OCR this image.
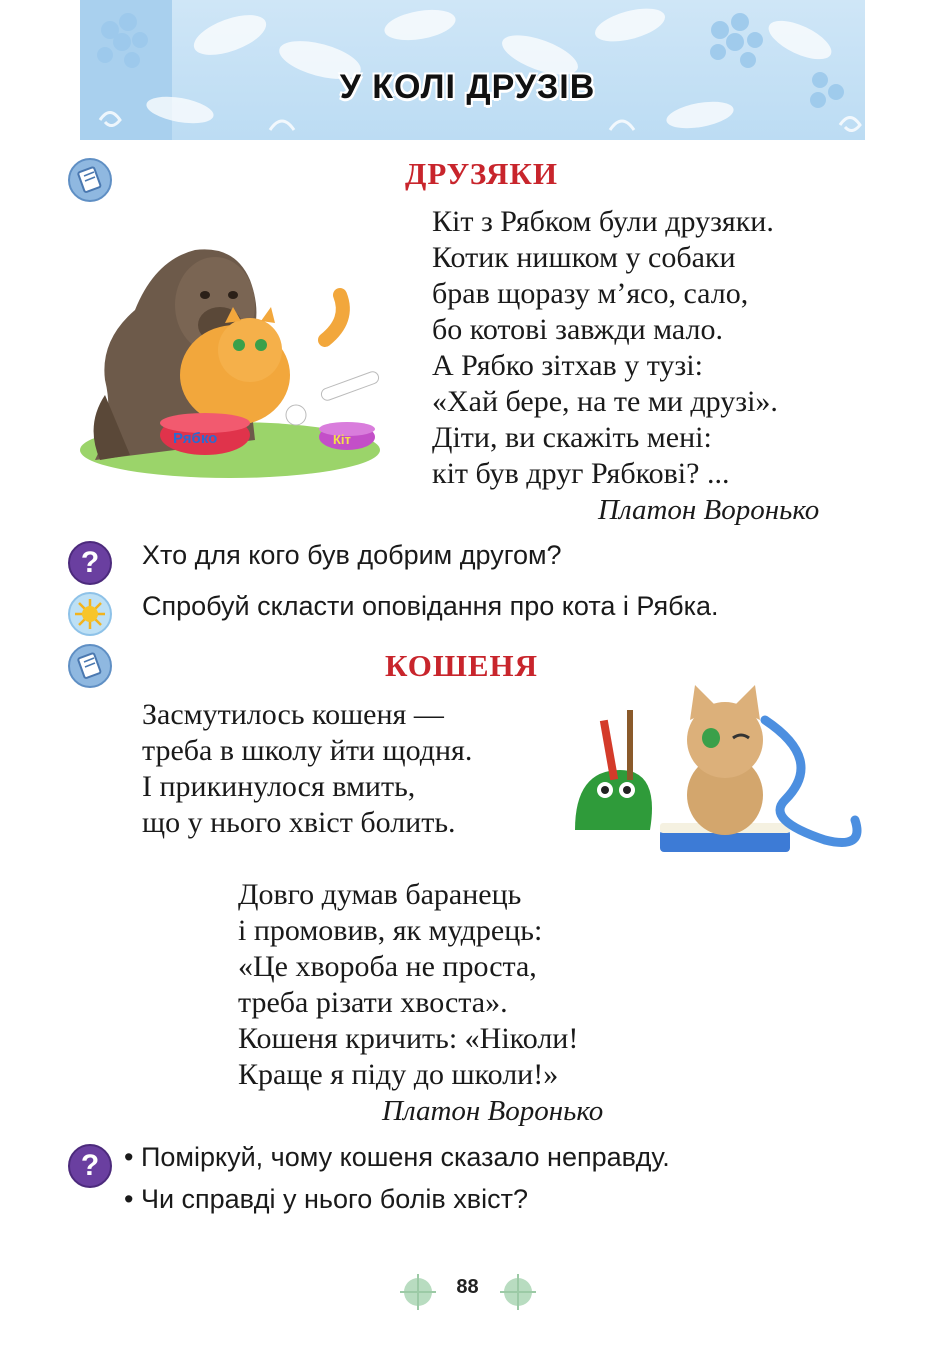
У КОЛІ ДРУЗІВ
ДРУЗЯКИ
Рябко	Кіт
Кіт з Рябком були друзяки.
Котик нишком у собаки
брав щоразу м’ясо, сало,
бо котові завжди мало.
А Рябко зітхав у тузі:
«Хай бере, на те ми друзі».
Діти, ви скажіть мені:
кіт був друг Рябкові? ...
Платон Воронько
?	Хто для кого був добрим другом?
Спробуй скласти оповідання про кота і Рябка.
КОШЕНЯ
Засмутилось кошеня —
треба в школу йти щодня.
І прикинулося вмить,
що у нього хвіст болить.
Довго думав баранець
і промовив, як мудрець:
«Це хвороба не проста,
треба різати хвоста».
Кошеня кричить: «Ніколи!
Краще я піду до школи!»
Платон Воронько
? • Поміркуй, чому кошеня сказало неправду.
• Чи справді у нього болів хвіст?
88
